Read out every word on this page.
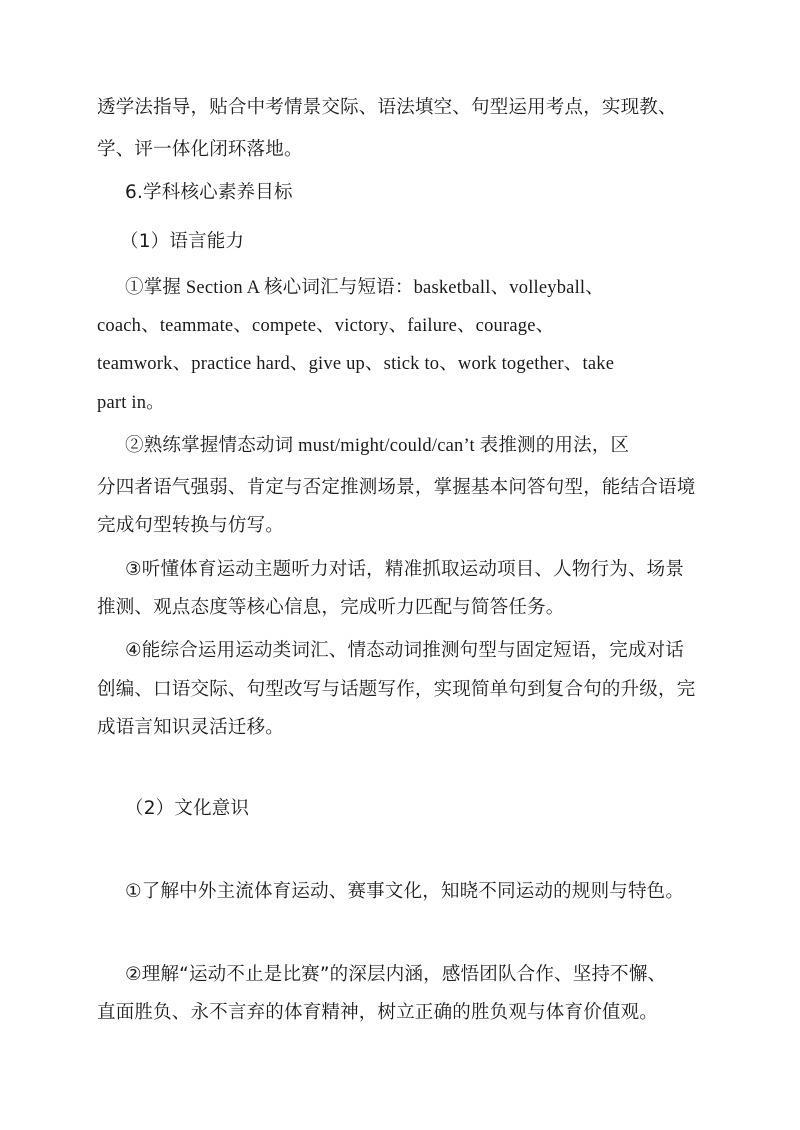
透学法指导，贴合中考情景交际、语法填空、句型运用考点，实现教、
学、评一体化闭环落地。
6.学科核心素养目标
（1）语言能力
①掌握 Section A 核心词汇与短语：basketball、volleyball、
coach、teammate、compete、victory、failure、courage、
teamwork、practice hard、give up、stick to、work together、take
part in。
②熟练掌握情态动词 must/might/could/can’t 表推测的用法，区
分四者语气强弱、肯定与否定推测场景，掌握基本问答句型，能结合语境
完成句型转换与仿写。
③听懂体育运动主题听力对话，精准抓取运动项目、人物行为、场景
推测、观点态度等核心信息，完成听力匹配与简答任务。
④能综合运用运动类词汇、情态动词推测句型与固定短语，完成对话
创编、口语交际、句型改写与话题写作，实现简单句到复合句的升级，完
成语言知识灵活迁移。
（2）文化意识
①了解中外主流体育运动、赛事文化，知晓不同运动的规则与特色。
②理解“运动不止是比赛”的深层内涵，感悟团队合作、坚持不懈、
直面胜负、永不言弃的体育精神，树立正确的胜负观与体育价值观。
